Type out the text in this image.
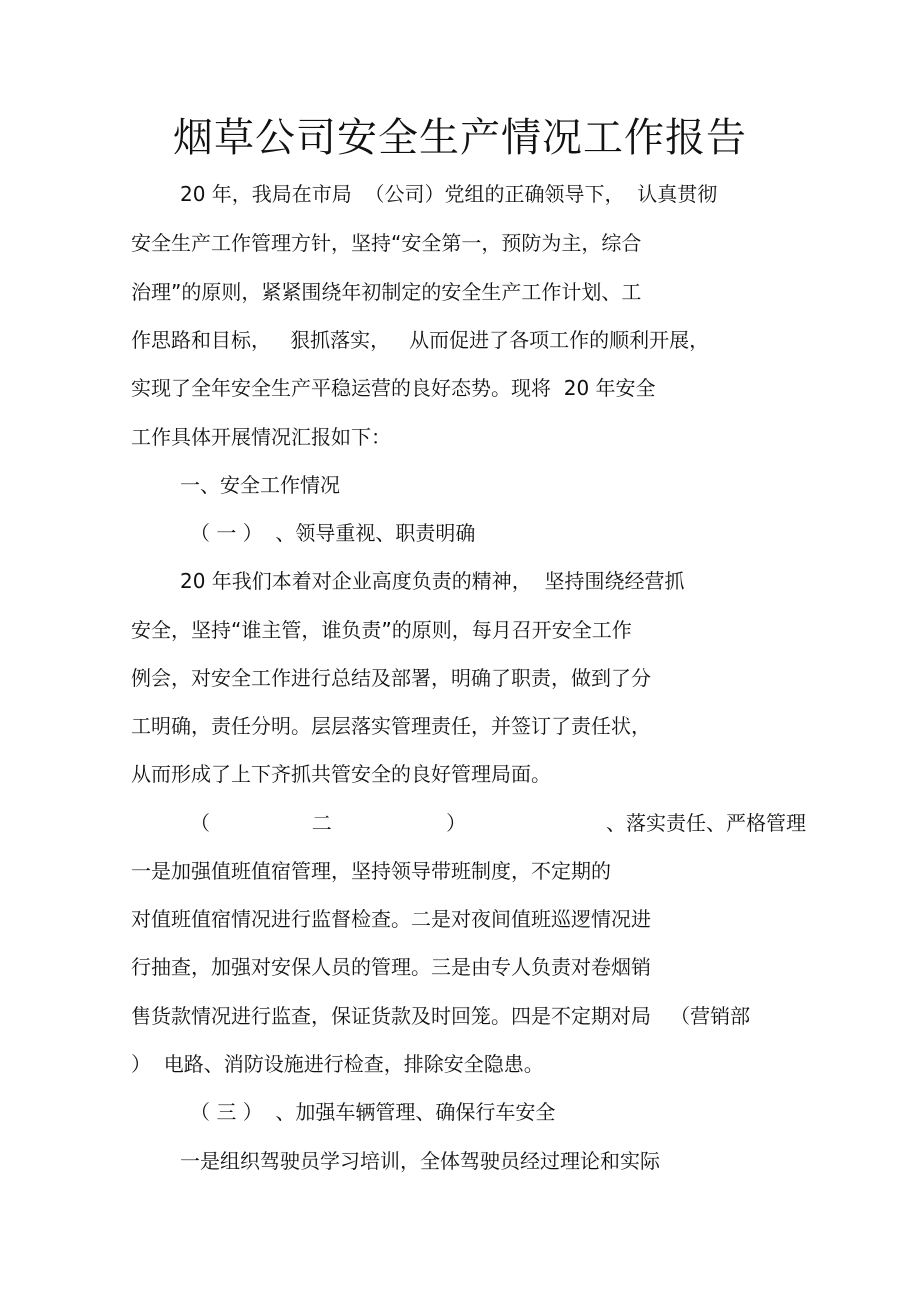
烟草公司安全生产情况工作报告

20 年，我局在市局  （公司）党组的正确领导下，  认真贯彻

安全生产工作管理方针，坚持“安全第一，预防为主，综合

治理”的原则，紧紧围绕年初制定的安全生产工作计划、工

作思路和目标，   狠抓落实，   从而促进了各项工作的顺利开展，

实现了全年安全生产平稳运营的良好态势。现将  20 年安全

工作具体开展情况汇报如下：

一、安全工作情况

（ 一 ）  、领导重视、职责明确

20 年我们本着对企业高度负责的精神，  坚持围绕经营抓

安全，坚持“谁主管，谁负责”的原则，每月召开安全工作

例会，对安全工作进行总结及部署，明确了职责，做到了分

工明确，责任分明。层层落实管理责任，并签订了责任状，

从而形成了上下齐抓共管安全的良好管理局面。

（                二                  ）                      、落实责任、严格管理

一是加强值班值宿管理，坚持领导带班制度，不定期的

对值班值宿情况进行监督检查。二是对夜间值班巡逻情况进

行抽查，加强对安保人员的管理。三是由专人负责对卷烟销

售货款情况进行监查，保证货款及时回笼。四是不定期对局   （营销部

）  电路、消防设施进行检查，排除安全隐患。

（ 三 ）  、加强车辆管理、确保行车安全

一是组织驾驶员学习培训，全体驾驶员经过理论和实际
